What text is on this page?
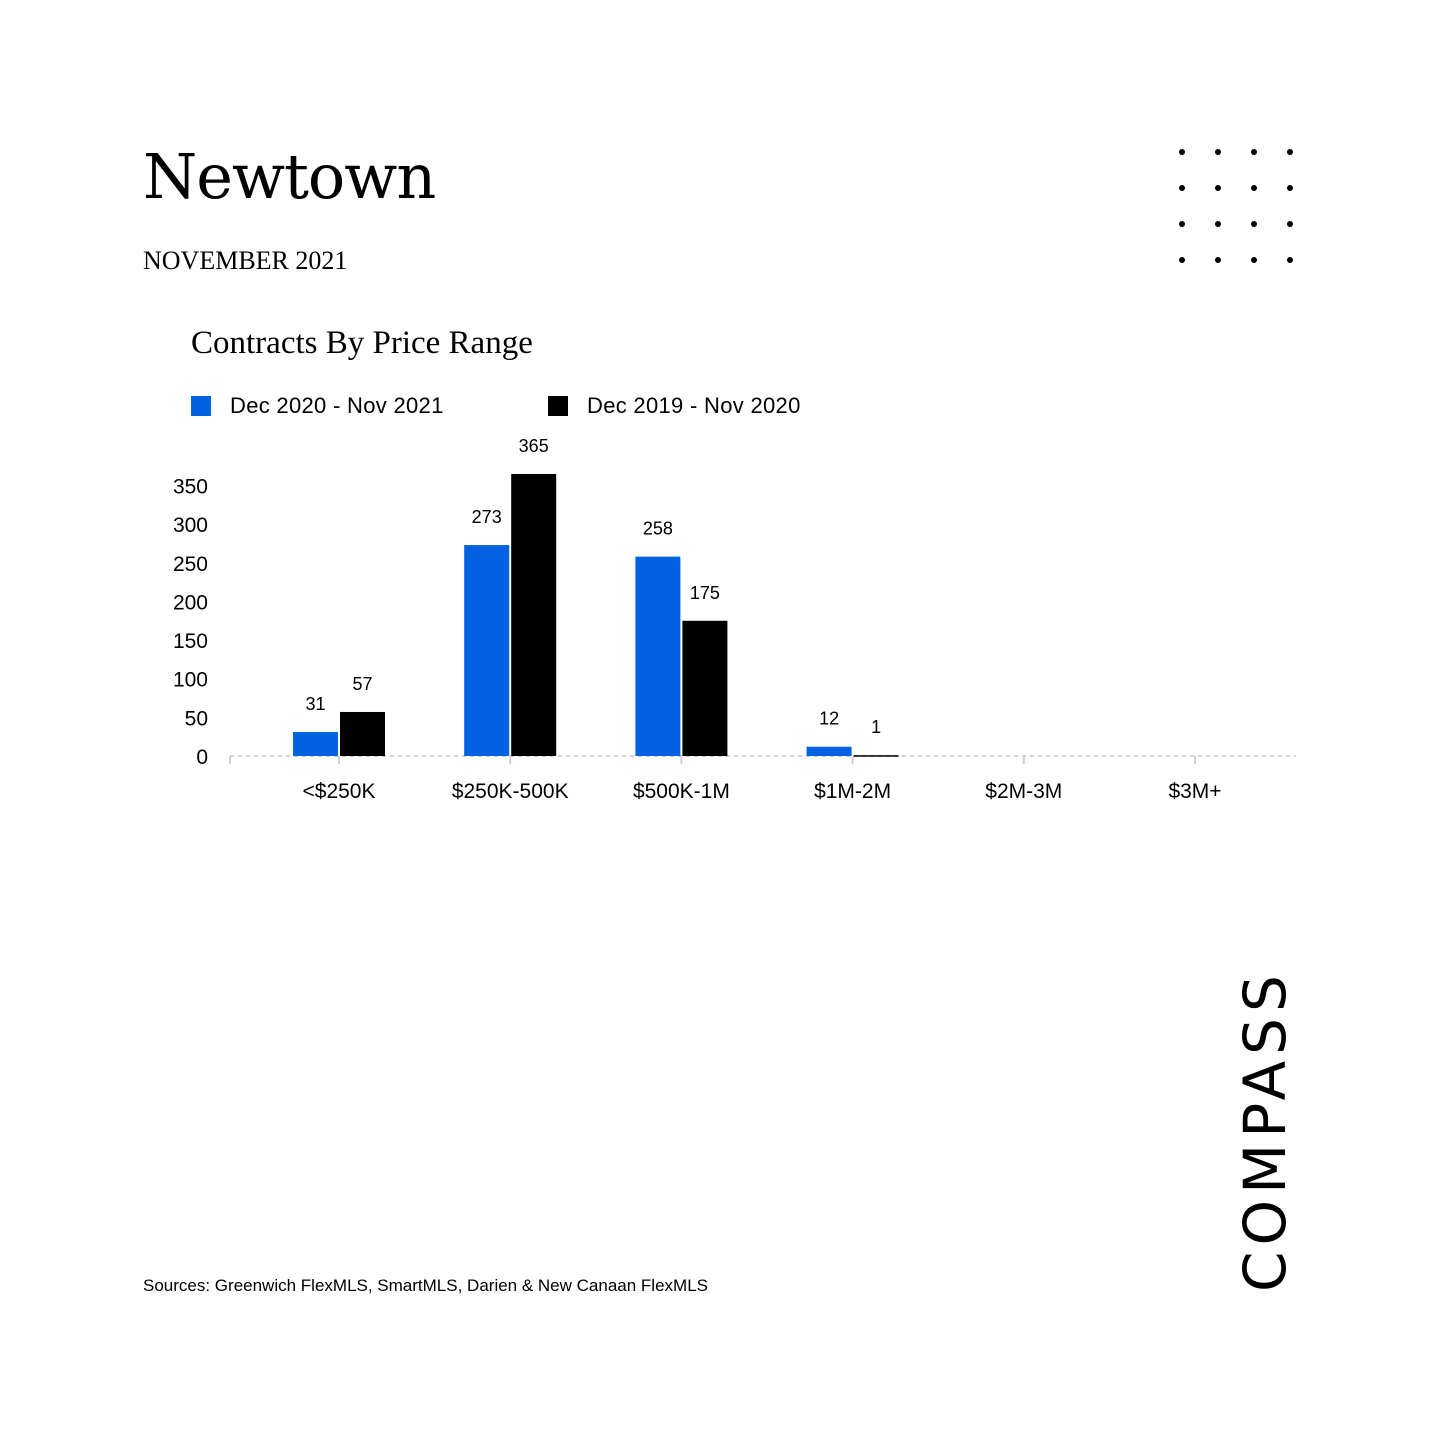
Newtown
NOVEMBER 2021
Contracts By Price Range
Dec 2020 - Nov 2021	Dec 2019 - Nov 2020
0
50
100
150
200
250
300
350
<$250K
31
57
$250K-500K
273
365
$500K-1M
258
175
$1M-2M
12 1
$2M-3M	$3M+
Sources: Greenwich FlexMLS, SmartMLS, Darien & New Canaan FlexMLS	COMPASS
